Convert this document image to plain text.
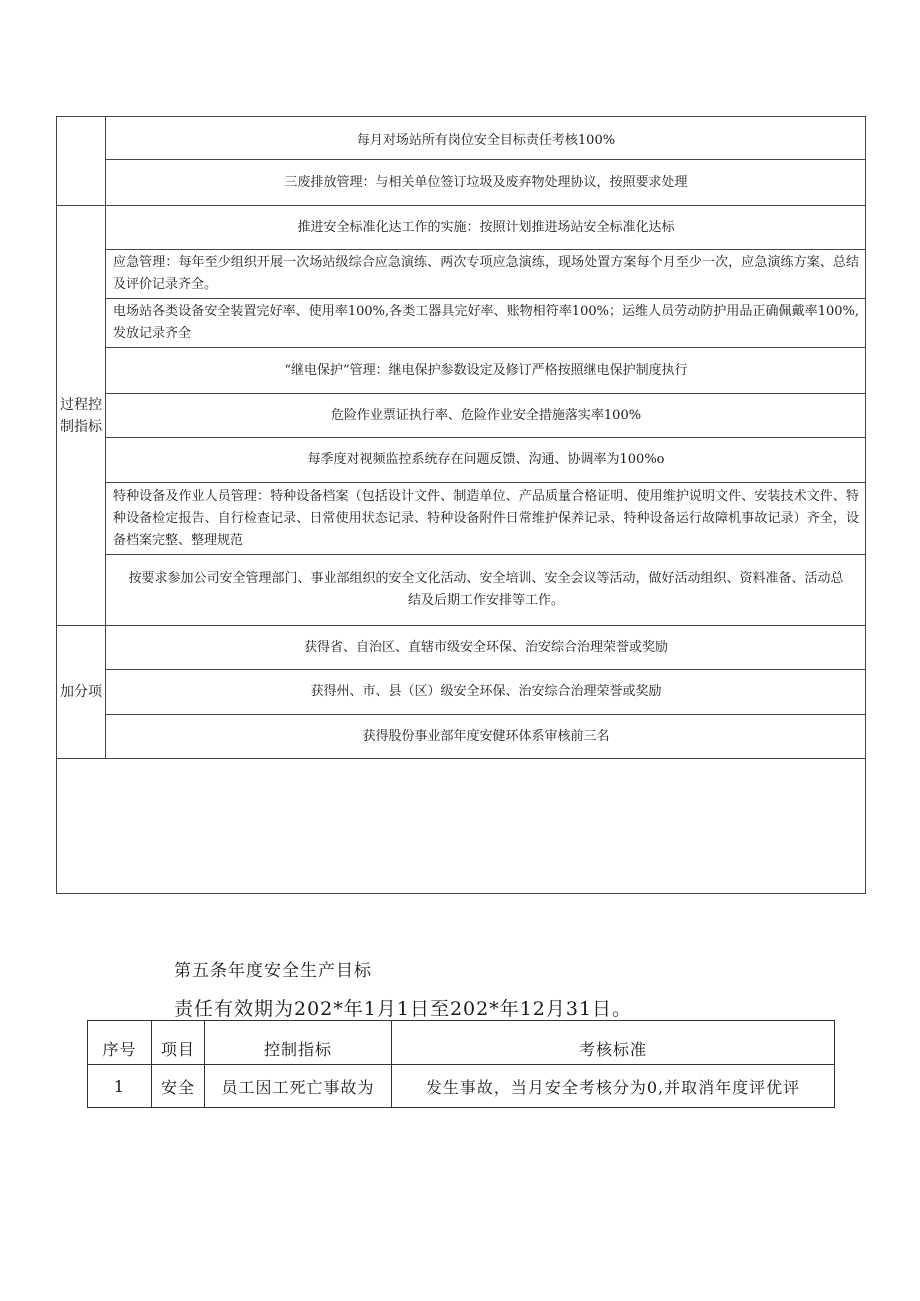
每月对场站所有岗位安全目标责任考核100%
三废排放管理：与相关单位签订垃圾及废弃物处理协议，按照要求处理
过程控制指标
推进安全标准化达工作的实施：按照计划推进场站安全标准化达标
应急管理：每年至少组织开展一次场站级综合应急演练、两次专项应急演练，现场处置方案每个月至少一次，应急演练方案、总结及评价记录齐全。
电场站各类设备安全装置完好率、使用率100%,各类工器具完好率、账物相符率100%；运维人员劳动防护用品正确佩戴率100%,发放记录齐全
“继电保护”管理：继电保护参数设定及修订严格按照继电保护制度执行
危险作业票证执行率、危险作业安全措施落实率100%
每季度对视频监控系统存在问题反馈、沟通、协调率为100%o
特种设备及作业人员管理：特种设备档案（包括设计文件、制造单位、产品质量合格证明、使用维护说明文件、安装技术文件、特种设备检定报告、自行检查记录、日常使用状态记录、特种设备附件日常维护保养记录、特种设备运行故障机事故记录）齐全，设备档案完整、整理规范
按要求参加公司安全管理部门、事业部组织的安全文化活动、安全培训、安全会议等活动，做好活动组织、资料准备、活动总结及后期工作安排等工作。
加分项
获得省、自治区、直辖市级安全环保、治安综合治理荣誉或奖励
获得州、市、县（区）级安全环保、治安综合治理荣誉或奖励
获得股份事业部年度安健环体系审核前三名
第五条年度安全生产目标
责任有效期为202*年1月1日至202*年12月31日。
序号	项目	控制指标	考核标准
1	安全	员工因工死亡事故为	发生事故，当月安全考核分为0,并取消年度评优评
